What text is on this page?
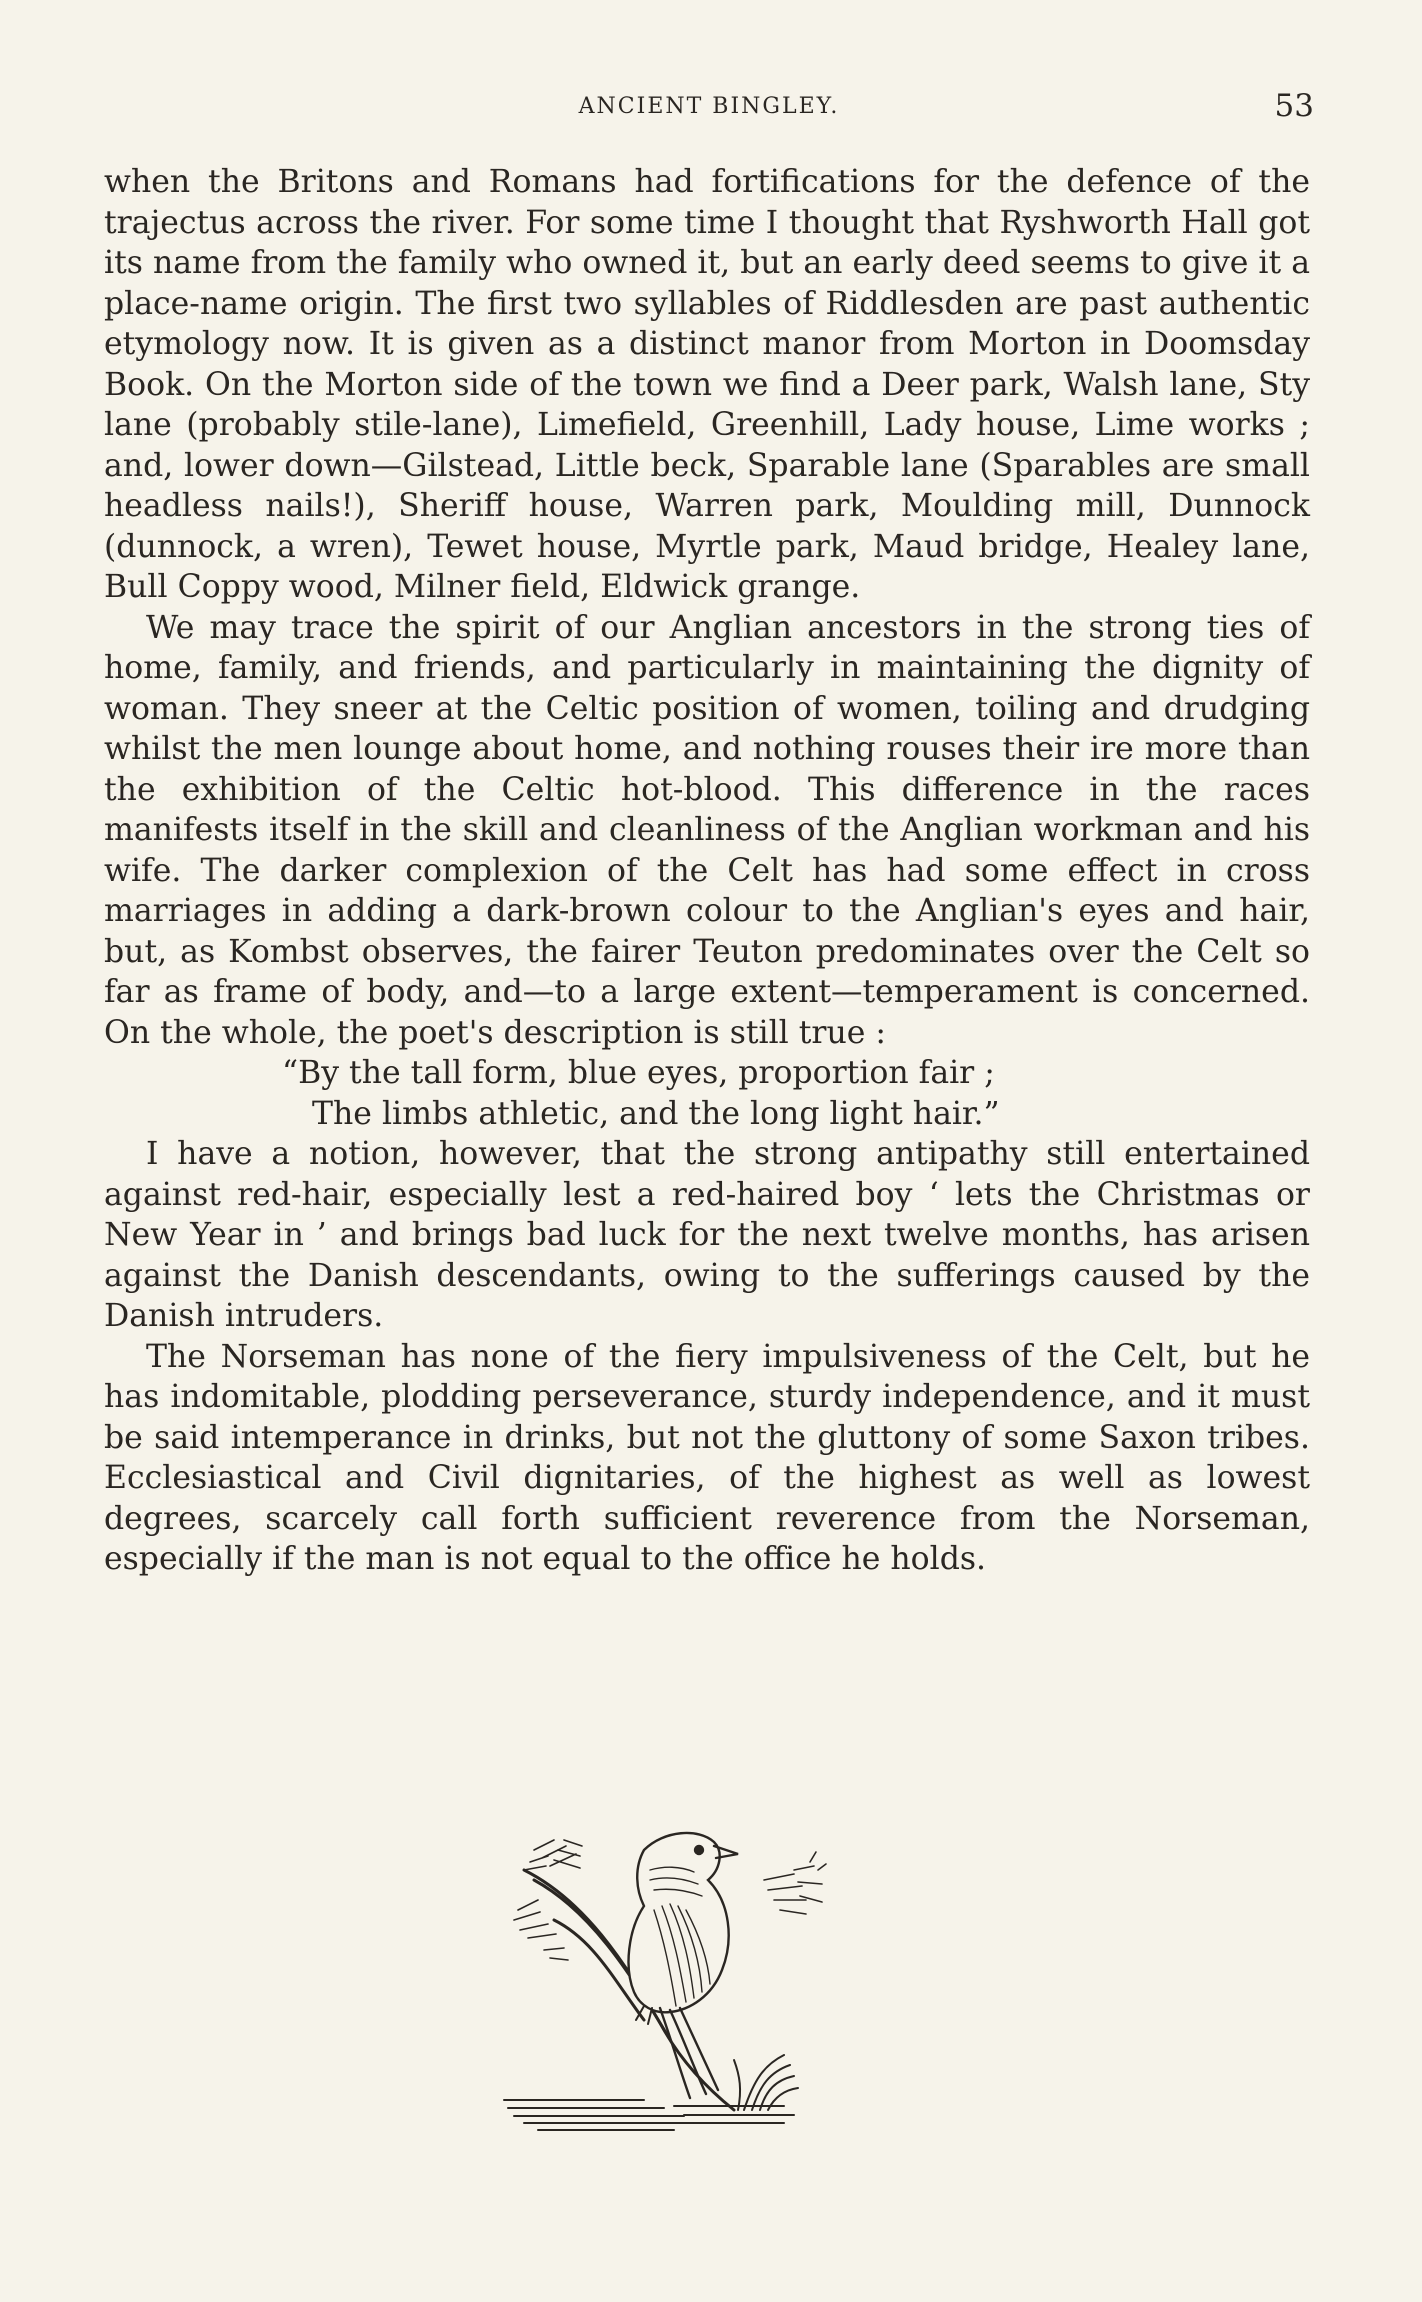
ANCIENT BINGLEY.	53

when the Britons and Romans had fortifications for the defence of the trajectus across the river. For some time I thought that Ryshworth Hall got its name from the family who owned it, but an early deed seems to give it a place-name origin. The first two syllables of Riddlesden are past authentic etymology now. It is given as a distinct manor from Morton in Doomsday Book. On the Morton side of the town we find a Deer park, Walsh lane, Sty lane (probably stile-lane), Limefield, Greenhill, Lady house, Lime works ; and, lower down—Gilstead, Little beck, Sparable lane (Sparables are small headless nails!), Sheriff house, Warren park, Moulding mill, Dunnock (dunnock, a wren), Tewet house, Myrtle park, Maud bridge, Healey lane, Bull Coppy wood, Milner field, Eldwick grange.

We may trace the spirit of our Anglian ancestors in the strong ties of home, family, and friends, and particularly in maintaining the dignity of woman. They sneer at the Celtic position of women, toiling and drudging whilst the men lounge about home, and nothing rouses their ire more than the exhibition of the Celtic hot-blood. This difference in the races manifests itself in the skill and cleanliness of the Anglian workman and his wife. The darker complexion of the Celt has had some effect in cross marriages in adding a dark-brown colour to the Anglian's eyes and hair, but, as Kombst observes, the fairer Teuton predominates over the Celt so far as frame of body, and—to a large extent—temperament is concerned. On the whole, the poet's description is still true :

“By the tall form, blue eyes, proportion fair ;
The limbs athletic, and the long light hair.”

I have a notion, however, that the strong antipathy still entertained against red-hair, especially lest a red-haired boy ‘ lets the Christmas or New Year in ’ and brings bad luck for the next twelve months, has arisen against the Danish descendants, owing to the sufferings caused by the Danish intruders.

The Norseman has none of the fiery impulsiveness of the Celt, but he has indomitable, plodding perseverance, sturdy independence, and it must be said intemperance in drinks, but not the gluttony of some Saxon tribes. Ecclesiastical and Civil dignitaries, of the highest as well as lowest degrees, scarcely call forth sufficient reverence from the Norseman, especially if the man is not equal to the office he holds.
